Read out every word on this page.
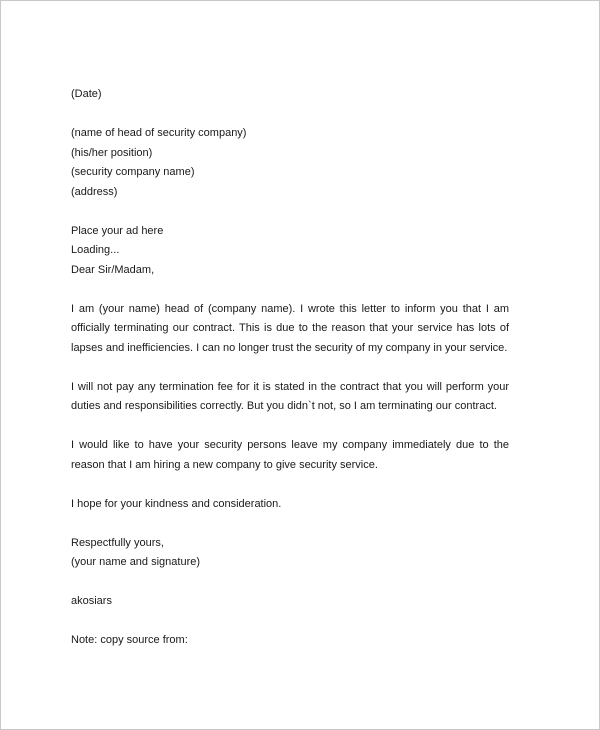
(Date)
(name of head of security company)
(his/her position)
(security company name)
(address)
Place your ad here
Loading...
Dear Sir/Madam,

I am (your name) head of (company name). I wrote this letter to inform you that I am officially terminating our contract. This is due to the reason that your service has lots of lapses and inefficiencies. I can no longer trust the security of my company in your service.

I will not pay any termination fee for it is stated in the contract that you will perform your duties and responsibilities correctly. But you didn`t not, so I am terminating our contract.

I would like to have your security persons leave my company immediately due to the reason that I am hiring a new company to give security service.

I hope for your kindness and consideration.

Respectfully yours,
(your name and signature)
akosiars
Note: copy source from:
